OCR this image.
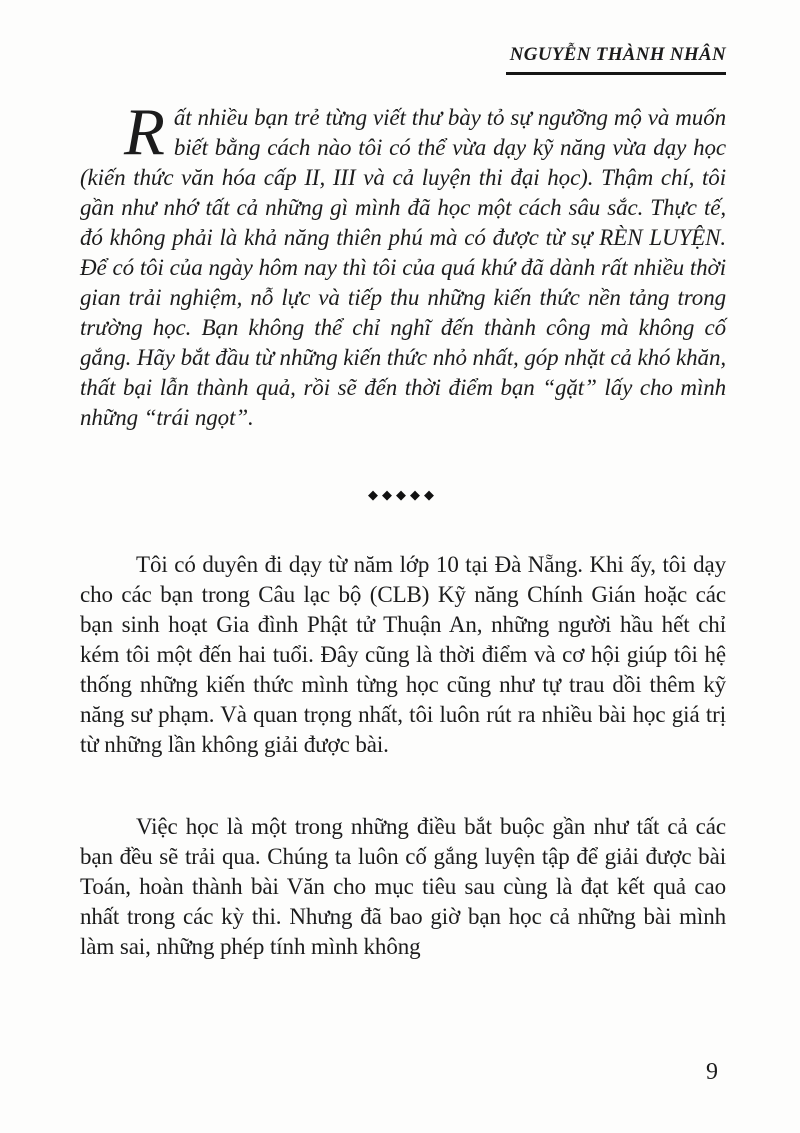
NGUYỄN THÀNH NHÂN

Rất nhiều bạn trẻ từng viết thư bày tỏ sự ngưỡng mộ và muốn biết bằng cách nào tôi có thể vừa dạy kỹ năng vừa dạy học (kiến thức văn hóa cấp II, III và cả luyện thi đại học). Thậm chí, tôi gần như nhớ tất cả những gì mình đã học một cách sâu sắc. Thực tế, đó không phải là khả năng thiên phú mà có được từ sự RÈN LUYỆN. Để có tôi của ngày hôm nay thì tôi của quá khứ đã dành rất nhiều thời gian trải nghiệm, nỗ lực và tiếp thu những kiến thức nền tảng trong trường học. Bạn không thể chỉ nghĩ đến thành công mà không cố gắng. Hãy bắt đầu từ những kiến thức nhỏ nhất, góp nhặt cả khó khăn, thất bại lẫn thành quả, rồi sẽ đến thời điểm bạn “gặt” lấy cho mình những “trái ngọt”.

◆◆◆◆◆

Tôi có duyên đi dạy từ năm lớp 10 tại Đà Nẵng. Khi ấy, tôi dạy cho các bạn trong Câu lạc bộ (CLB) Kỹ năng Chính Gián hoặc các bạn sinh hoạt Gia đình Phật tử Thuận An, những người hầu hết chỉ kém tôi một đến hai tuổi. Đây cũng là thời điểm và cơ hội giúp tôi hệ thống những kiến thức mình từng học cũng như tự trau dồi thêm kỹ năng sư phạm. Và quan trọng nhất, tôi luôn rút ra nhiều bài học giá trị từ những lần không giải được bài.

Việc học là một trong những điều bắt buộc gần như tất cả các bạn đều sẽ trải qua. Chúng ta luôn cố gắng luyện tập để giải được bài Toán, hoàn thành bài Văn cho mục tiêu sau cùng là đạt kết quả cao nhất trong các kỳ thi. Nhưng đã bao giờ bạn học cả những bài mình làm sai, những phép tính mình không

9
